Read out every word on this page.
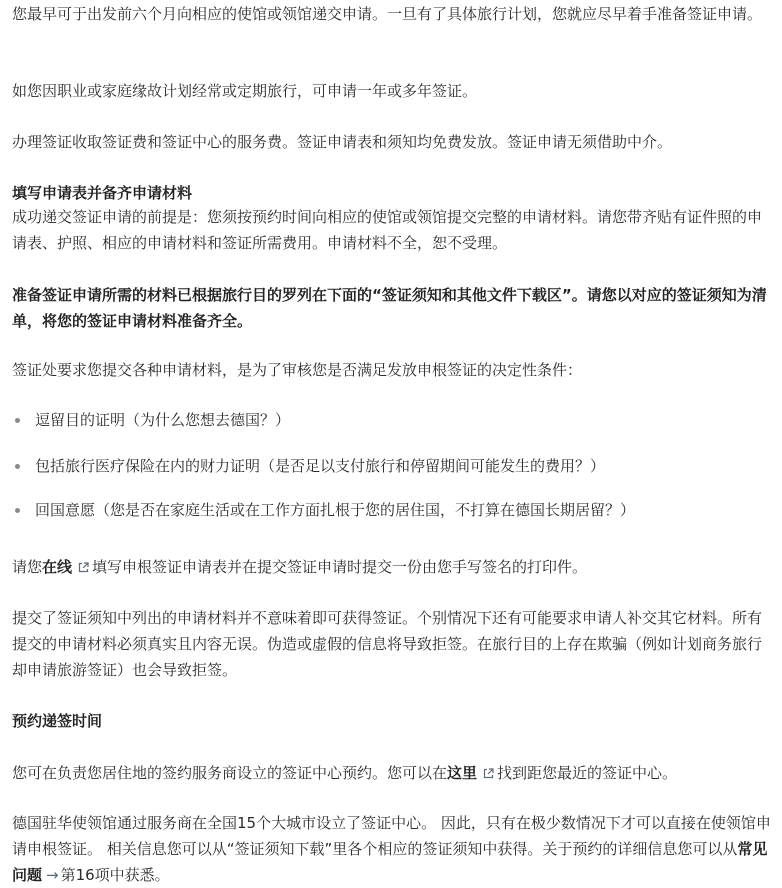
您最早可于出发前六个月向相应的使馆或领馆递交申请。一旦有了具体旅行计划，您就应尽早着手准备签证申请。

如您因职业或家庭缘故计划经常或定期旅行，可申请一年或多年签证。

办理签证收取签证费和签证中心的服务费。签证申请表和须知均免费发放。签证申请无须借助中介。

填写申请表并备齐申请材料

成功递交签证申请的前提是：您须按预约时间向相应的使馆或领馆提交完整的申请材料。请您带齐贴有证件照的申请表、护照、相应的申请材料和签证所需费用。申请材料不全，恕不受理。

准备签证申请所需的材料已根据旅行目的罗列在下面的“签证须知和其他文件下载区”。请您以对应的签证须知为清单，将您的签证申请材料准备齐全。

签证处要求您提交各种申请材料，是为了审核您是否满足发放申根签证的决定性条件：

逗留目的证明（为什么您想去德国？）
包括旅行医疗保险在内的财力证明（是否足以支付旅行和停留期间可能发生的费用？）
回国意愿（您是否在家庭生活或在工作方面扎根于您的居住国，不打算在德国长期居留？）

请您在线 填写申根签证申请表并在提交签证申请时提交一份由您手写签名的打印件。

提交了签证须知中列出的申请材料并不意味着即可获得签证。个别情况下还有可能要求申请人补交其它材料。所有提交的申请材料必须真实且内容无误。伪造或虚假的信息将导致拒签。在旅行目的上存在欺骗（例如计划商务旅行却申请旅游签证）也会导致拒签。

预约递签时间

您可在负责您居住地的签约服务商设立的签证中心预约。您可以在这里 找到距您最近的签证中心。

德国驻华使领馆通过服务商在全国15个大城市设立了签证中心。 因此，只有在极少数情况下才可以直接在使领馆申请申根签证。 相关信息您可以从“签证须知下载”里各个相应的签证须知中获得。关于预约的详细信息您可以从常见问题 → 第16项中获悉。
